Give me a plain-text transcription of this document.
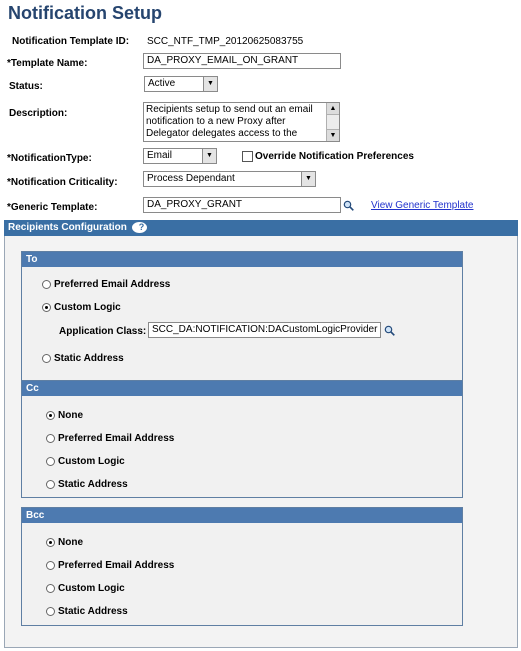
Notification Setup
Notification Template ID: SCC_NTF_TMP_20120625083755
*Template Name:	DA_PROXY_EMAIL_ON_GRANT
Status:	Active	▼
Description:	Recipients setup to send out an email notification to a new Proxy after Delegator delegates access to the
▲
▼
*NotificationType:	Email	▼	Override Notification Preferences
*Notification Criticality:	Process Dependant	▼
*Generic Template:	DA_PROXY_GRANT	View Generic Template
Recipients Configuration	?
To
Preferred Email Address
Custom Logic
Application Class: SCC_DA:NOTIFICATION:DACustomLogicProvider
Static Address
Cc
None
Preferred Email Address
Custom Logic
Static Address
Bcc
None
Preferred Email Address
Custom Logic
Static Address
